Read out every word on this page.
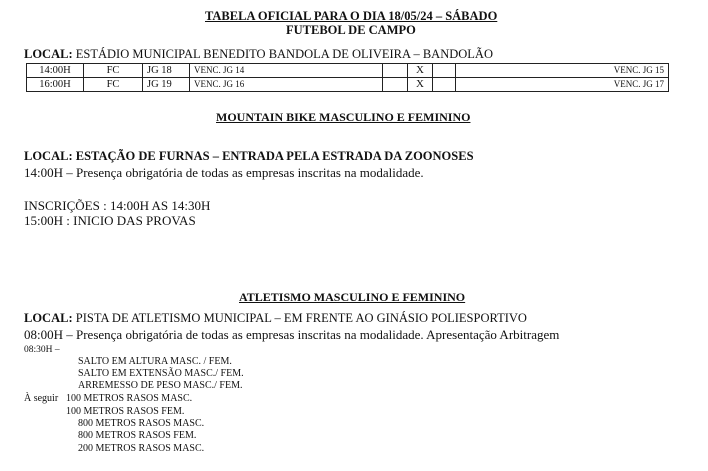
TABELA OFICIAL PARA O DIA 18/05/24 – SÁBADO
FUTEBOL DE CAMPO
LOCAL: ESTÁDIO MUNICIPAL BENEDITO BANDOLA DE OLIVEIRA – BANDOLÃO
14:00H	FC	JG 18	VENC. JG 14		X		VENC. JG 15
16:00H	FC	JG 19	VENC. JG 16		X		VENC. JG 17
MOUNTAIN BIKE MASCULINO E FEMININO
LOCAL: ESTAÇÃO DE FURNAS – ENTRADA PELA ESTRADA DA ZOONOSES
14:00H – Presença obrigatória de todas as empresas inscritas na modalidade.
INSCRIÇÕES : 14:00H AS 14:30H
15:00H : INICIO DAS PROVAS
ATLETISMO MASCULINO E FEMININO
LOCAL: PISTA DE ATLETISMO MUNICIPAL – EM FRENTE AO GINÁSIO POLIESPORTIVO
08:00H – Presença obrigatória de todas as empresas inscritas na modalidade. Apresentação Arbitragem
08:30H –
SALTO EM ALTURA MASC. / FEM.
SALTO EM EXTENSÃO MASC./ FEM.
ARREMESSO DE PESO MASC./ FEM.
À seguir 100 METROS RASOS MASC.
100 METROS RASOS FEM.
800 METROS RASOS MASC.
800 METROS RASOS FEM.
200 METROS RASOS MASC.
